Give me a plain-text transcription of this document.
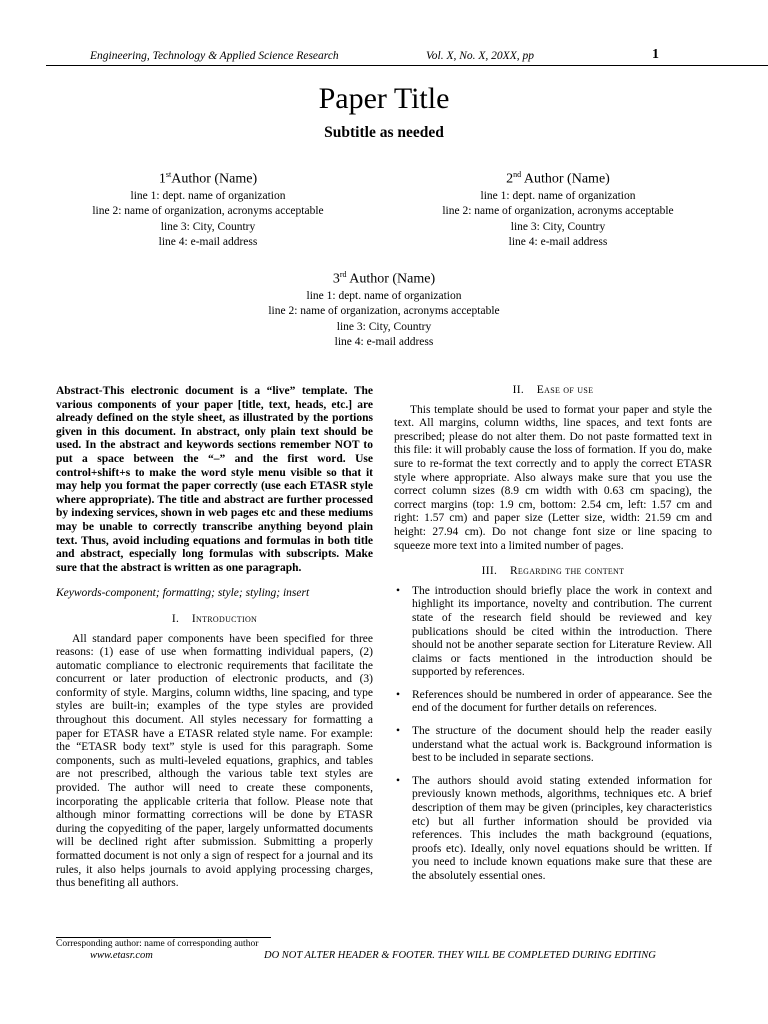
Engineering, Technology & Applied Science Research	Vol. X, No. X, 20XX, pp	1
Paper Title
Subtitle as needed
1stAuthor (Name)
line 1: dept. name of organization
line 2: name of organization, acronyms acceptable
line 3: City, Country
line 4: e-mail address
2nd Author (Name)
line 1: dept. name of organization
line 2: name of organization, acronyms acceptable
line 3: City, Country
line 4: e-mail address
3rd Author (Name)
line 1: dept. name of organization
line 2: name of organization, acronyms acceptable
line 3: City, Country
line 4: e-mail address

Abstract-This electronic document is a “live” template. The various components of your paper [title, text, heads, etc.] are already defined on the style sheet, as illustrated by the portions given in this document. In abstract, only plain text should be used. In the abstract and keywords sections remember NOT to put a space between the “–” and the first word. Use control+shift+s to make the word style menu visible so that it may help you format the paper correctly (use each ETASR style where appropriate). The title and abstract are further processed by indexing services, shown in web pages etc and these mediums may be unable to correctly transcribe anything beyond plain text. Thus, avoid including equations and formulas in both title and abstract, especially long formulas with subscripts. Make sure that the abstract is written as one paragraph.

Keywords-component; formatting; style; styling; insert

I. Introduction

All standard paper components have been specified for three reasons: (1) ease of use when formatting individual papers, (2) automatic compliance to electronic requirements that facilitate the concurrent or later production of electronic products, and (3) conformity of style. Margins, column widths, line spacing, and type styles are built-in; examples of the type styles are provided throughout this document. All styles necessary for formatting a paper for ETASR have a ETASR related style name. For example: the “ETASR body text” style is used for this paragraph. Some components, such as multi-leveled equations, graphics, and tables are not prescribed, although the various table text styles are provided. The author will need to create these components, incorporating the applicable criteria that follow. Please note that although minor formatting corrections will be done by ETASR during the copyediting of the paper, largely unformatted documents will be declined right after submission. Submitting a properly formatted document is not only a sign of respect for a journal and its rules, it also helps journals to avoid applying processing charges, thus benefiting all authors.

II. Ease of use

This template should be used to format your paper and style the text. All margins, column widths, line spaces, and text fonts are prescribed; please do not alter them. Do not paste formatted text in this file: it will probably cause the loss of formation. If you do, make sure to re-format the text correctly and to apply the correct ETASR style where appropriate. Also always make sure that you use the correct column sizes (8.9 cm width with 0.63 cm spacing), the correct margins (top: 1.9 cm, bottom: 2.54 cm, left: 1.57 cm and right: 1.57 cm) and paper size (Letter size, width: 21.59 cm and height: 27.94 cm). Do not change font size or line spacing to squeeze more text into a limited number of pages.

III. Regarding the content
• The introduction should briefly place the work in context and highlight its importance, novelty and contribution. The current state of the research field should be reviewed and key publications should be cited within the introduction. There should not be another separate section for Literature Review. All claims or facts mentioned in the introduction should be supported by references.
• References should be numbered in order of appearance. See the end of the document for further details on references.
• The structure of the document should help the reader easily understand what the actual work is. Background information is best to be included in separate sections.
• The authors should avoid stating extended information for previously known methods, algorithms, techniques etc. A brief description of them may be given (principles, key characteristics etc) but all further information should be provided via references. This includes the math background (equations, proofs etc). Ideally, only novel equations should be written. If you need to include known equations make sure that these are the absolutely essential ones.
Corresponding author: name of corresponding author
www.etasr.com	DO NOT ALTER HEADER & FOOTER. THEY WILL BE COMPLETED DURING EDITING
